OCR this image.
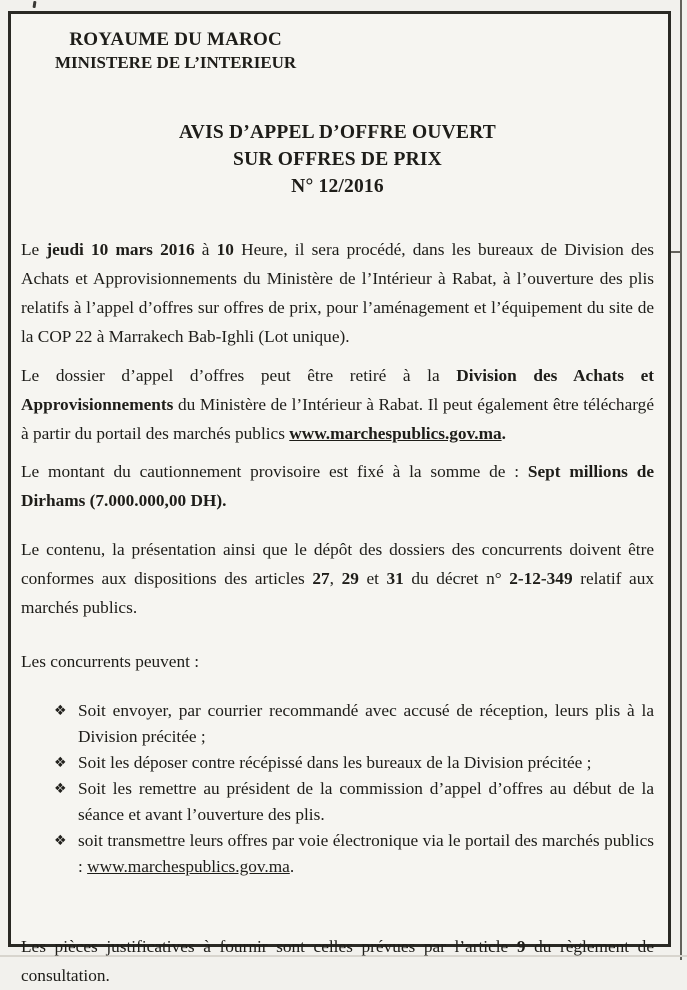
ROYAUME DU MAROC
MINISTERE DE L’INTERIEUR
AVIS D’APPEL D’OFFRE OUVERT
SUR OFFRES DE PRIX
N° 12/2016

Le jeudi 10 mars 2016 à 10 Heure, il sera procédé, dans les bureaux de Division des Achats et Approvisionnements du Ministère de l’Intérieur à Rabat, à l’ouverture des plis relatifs à l’appel d’offres sur offres de prix, pour l’aménagement et l’équipement du site de la COP 22 à Marrakech Bab-Ighli (Lot unique).

Le dossier d’appel d’offres peut être retiré à la Division des Achats et Approvisionnements du Ministère de l’Intérieur à Rabat. Il peut également être téléchargé à partir du portail des marchés publics www.marchespublics.gov.ma.

Le montant du cautionnement provisoire est fixé à la somme de : Sept millions de Dirhams (7.000.000,00 DH).

Le contenu, la présentation ainsi que le dépôt des dossiers des concurrents doivent être conformes aux dispositions des articles 27, 29 et 31 du décret n° 2-12-349 relatif aux marchés publics.

Les concurrents peuvent :

❖ Soit envoyer, par courrier recommandé avec accusé de réception, leurs plis à la Division précitée ;
❖ Soit les déposer contre récépissé dans les bureaux de la Division précitée ;
❖ Soit les remettre au président de la commission d’appel d’offres au début de la séance et avant l’ouverture des plis.
❖ soit transmettre leurs offres par voie électronique via le portail des marchés publics : www.marchespublics.gov.ma.

Les pièces justificatives à fournir sont celles prévues par l’article 9 du règlement de consultation.
